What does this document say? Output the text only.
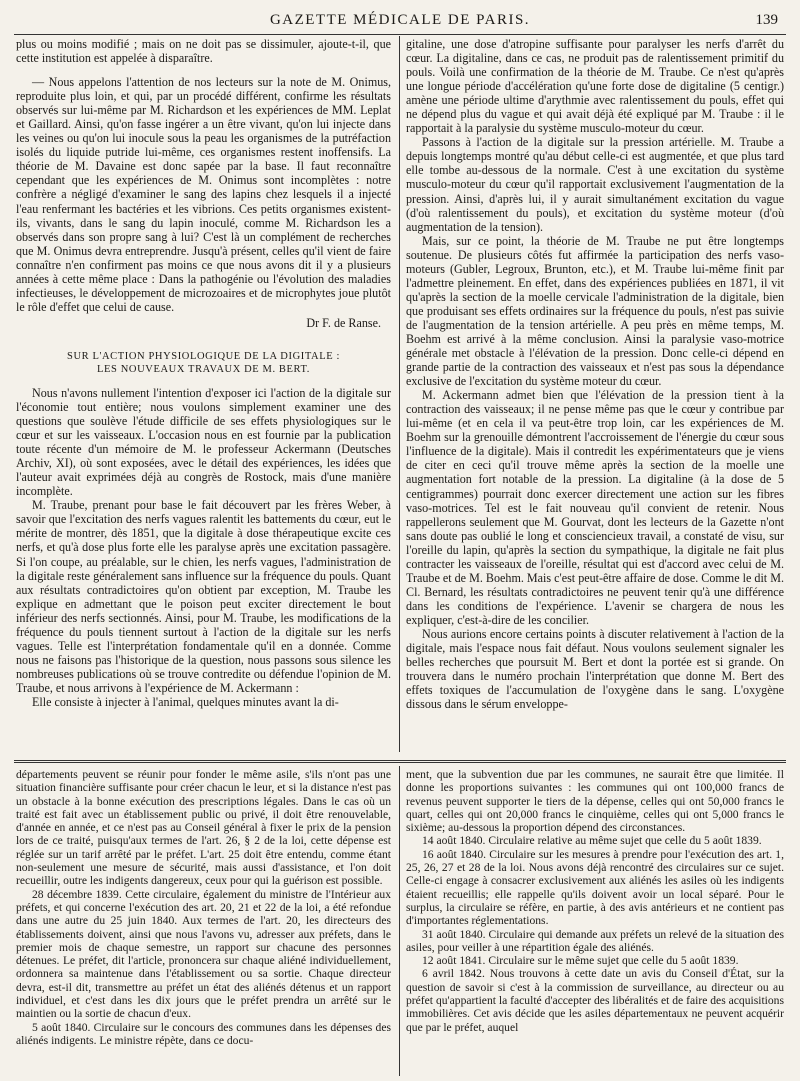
GAZETTE MÉDICALE DE PARIS.	139

plus ou moins modifié ; mais on ne doit pas se dissimuler, ajoute-t-il, que cette institution est appelée à disparaître.

— Nous appelons l'attention de nos lecteurs sur la note de M. Onimus, reproduite plus loin, et qui, par un procédé différent, confirme les résultats observés sur lui-même par M. Richardson et les expériences de MM. Leplat et Gaillard. Ainsi, qu'on fasse ingérer a un être vivant, qu'on lui injecte dans les veines ou qu'on lui inocule sous la peau les organismes de la putréfaction isolés du liquide putride lui-même, ces organismes restent inoffensifs. La théorie de M. Davaine est donc sapée par la base. Il faut reconnaître cependant que les expériences de M. Onimus sont incomplètes : notre confrère a négligé d'examiner le sang des lapins chez lesquels il a injecté l'eau renfermant les bactéries et les vibrions. Ces petits organismes existent-ils, vivants, dans le sang du lapin inoculé, comme M. Richardson les a observés dans son propre sang à lui? C'est là un complément de recherches que M. Onimus devra entreprendre. Jusqu'à présent, celles qu'il vient de faire connaître n'en confirment pas moins ce que nous avons dit il y a plusieurs années à cette même place : Dans la pathogénie ou l'évolution des maladies infectieuses, le développement de microzoaires et de microphytes joue plutôt le rôle d'effet que celui de cause.

Dr F. de Ranse.
SUR L'ACTION PHYSIOLOGIQUE DE LA DIGITALE :
LES NOUVEAUX TRAVAUX DE M. BERT.

Nous n'avons nullement l'intention d'exposer ici l'action de la digitale sur l'économie tout entière; nous voulons simplement examiner une des questions que soulève l'étude difficile de ses effets physiologiques sur le cœur et sur les vaisseaux. L'occasion nous en est fournie par la publication toute récente d'un mémoire de M. le professeur Ackermann (Deutsches Archiv, XI), où sont exposées, avec le détail des expériences, les idées que l'auteur avait exprimées déjà au congrès de Rostock, mais d'une manière incomplète.

M. Traube, prenant pour base le fait découvert par les frères Weber, à savoir que l'excitation des nerfs vagues ralentit les battements du cœur, eut le mérite de montrer, dès 1851, que la digitale à dose thérapeutique excite ces nerfs, et qu'à dose plus forte elle les paralyse après une excitation passagère. Si l'on coupe, au préalable, sur le chien, les nerfs vagues, l'administration de la digitale reste généralement sans influence sur la fréquence du pouls. Quant aux résultats contradictoires qu'on obtient par exception, M. Traube les explique en admettant que le poison peut exciter directement le bout inférieur des nerfs sectionnés. Ainsi, pour M. Traube, les modifications de la fréquence du pouls tiennent surtout à l'action de la digitale sur les nerfs vagues. Telle est l'interprétation fondamentale qu'il en a donnée. Comme nous ne faisons pas l'historique de la question, nous passons sous silence les nombreuses publications où se trouve contredite ou défendue l'opinion de M. Traube, et nous arrivons à l'expérience de M. Ackermann :

Elle consiste à injecter à l'animal, quelques minutes avant la di-

gitaline, une dose d'atropine suffisante pour paralyser les nerfs d'arrêt du cœur. La digitaline, dans ce cas, ne produit pas de ralentissement primitif du pouls. Voilà une confirmation de la théorie de M. Traube. Ce n'est qu'après une longue période d'accélération qu'une forte dose de digitaline (5 centigr.) amène une période ultime d'arythmie avec ralentissement du pouls, effet qui ne dépend plus du vague et qui avait déjà été expliqué par M. Traube : il le rapportait à la paralysie du système musculo-moteur du cœur.

Passons à l'action de la digitale sur la pression artérielle. M. Traube a depuis longtemps montré qu'au début celle-ci est augmentée, et que plus tard elle tombe au-dessous de la normale. C'est à une excitation du système musculo-moteur du cœur qu'il rapportait exclusivement l'augmentation de la pression. Ainsi, d'après lui, il y aurait simultanément excitation du vague (d'où ralentissement du pouls), et excitation du système moteur (d'où augmentation de la tension).

Mais, sur ce point, la théorie de M. Traube ne put être longtemps soutenue. De plusieurs côtés fut affirmée la participation des nerfs vaso-moteurs (Gubler, Legroux, Brunton, etc.), et M. Traube lui-même finit par l'admettre pleinement. En effet, dans des expériences publiées en 1871, il vit qu'après la section de la moelle cervicale l'administration de la digitale, bien que produisant ses effets ordinaires sur la fréquence du pouls, n'est pas suivie de l'augmentation de la tension artérielle. A peu près en même temps, M. Boehm est arrivé à la même conclusion. Ainsi la paralysie vaso-motrice générale met obstacle à l'élévation de la pression. Donc celle-ci dépend en grande partie de la contraction des vaisseaux et n'est pas sous la dépendance exclusive de l'excitation du système moteur du cœur.

M. Ackermann admet bien que l'élévation de la pression tient à la contraction des vaisseaux; il ne pense même pas que le cœur y contribue par lui-même (et en cela il va peut-être trop loin, car les expériences de M. Boehm sur la grenouille démontrent l'accroissement de l'énergie du cœur sous l'influence de la digitale). Mais il contredit les expérimentateurs que je viens de citer en ceci qu'il trouve même après la section de la moelle une augmentation fort notable de la pression. La digitaline (à la dose de 5 centigrammes) pourrait donc exercer directement une action sur les fibres vaso-motrices. Tel est le fait nouveau qu'il convient de retenir. Nous rappellerons seulement que M. Gourvat, dont les lecteurs de la Gazette n'ont sans doute pas oublié le long et consciencieux travail, a constaté de visu, sur l'oreille du lapin, qu'après la section du sympathique, la digitale ne fait plus contracter les vaisseaux de l'oreille, résultat qui est d'accord avec celui de M. Traube et de M. Boehm. Mais c'est peut-être affaire de dose. Comme le dit M. Cl. Bernard, les résultats contradictoires ne peuvent tenir qu'à une différence dans les conditions de l'expérience. L'avenir se chargera de nous les expliquer, c'est-à-dire de les concilier.

Nous aurions encore certains points à discuter relativement à l'action de la digitale, mais l'espace nous fait défaut. Nous voulons seulement signaler les belles recherches que poursuit M. Bert et dont la portée est si grande. On trouvera dans le numéro prochain l'interprétation que donne M. Bert des effets toxiques de l'accumulation de l'oxygène dans le sang. L'oxygène dissous dans le sérum enveloppe-

départements peuvent se réunir pour fonder le même asile, s'ils n'ont pas une situation financière suffisante pour créer chacun le leur, et si la distance n'est pas un obstacle à la bonne exécution des prescriptions légales. Dans le cas où un traité est fait avec un établissement public ou privé, il doit être renouvelable, d'année en année, et ce n'est pas au Conseil général à fixer le prix de la pension lors de ce traité, puisqu'aux termes de l'art. 26, § 2 de la loi, cette dépense est réglée sur un tarif arrêté par le préfet. L'art. 25 doit être entendu, comme étant non-seulement une mesure de sécurité, mais aussi d'assistance, et l'on doit recueillir, outre les indigents dangereux, ceux pour qui la guérison est possible.

28 décembre 1839. Cette circulaire, également du ministre de l'Intérieur aux préfets, et qui concerne l'exécution des art. 20, 21 et 22 de la loi, a été refondue dans une autre du 25 juin 1840. Aux termes de l'art. 20, les directeurs des établissements doivent, ainsi que nous l'avons vu, adresser aux préfets, dans le premier mois de chaque semestre, un rapport sur chacune des personnes détenues. Le préfet, dit l'article, prononcera sur chaque aliéné individuellement, ordonnera sa maintenue dans l'établissement ou sa sortie. Chaque directeur devra, est-il dit, transmettre au préfet un état des aliénés détenus et un rapport individuel, et c'est dans les dix jours que le préfet prendra un arrêté sur le maintien ou la sortie de chacun d'eux.

5 août 1840. Circulaire sur le concours des communes dans les dépenses des aliénés indigents. Le ministre répète, dans ce docu-

ment, que la subvention due par les communes, ne saurait être que limitée. Il donne les proportions suivantes : les communes qui ont 100,000 francs de revenus peuvent supporter le tiers de la dépense, celles qui ont 50,000 francs le quart, celles qui ont 20,000 francs le cinquième, celles qui ont 5,000 francs le sixième; au-dessous la proportion dépend des circonstances.

14 août 1840. Circulaire relative au même sujet que celle du 5 août 1839.

16 août 1840. Circulaire sur les mesures à prendre pour l'exécution des art. 1, 25, 26, 27 et 28 de la loi. Nous avons déjà rencontré des circulaires sur ce sujet. Celle-ci engage à consacrer exclusivement aux aliénés les asiles où les indigents étaient recueillis; elle rappelle qu'ils doivent avoir un local séparé. Pour le surplus, la circulaire se réfère, en partie, à des avis antérieurs et ne contient pas d'importantes réglementations.

31 août 1840. Circulaire qui demande aux préfets un relevé de la situation des asiles, pour veiller à une répartition égale des aliénés.

12 août 1841. Circulaire sur le même sujet que celle du 5 août 1839.

6 avril 1842. Nous trouvons à cette date un avis du Conseil d'État, sur la question de savoir si c'est à la commission de surveillance, au directeur ou au préfet qu'appartient la faculté d'accepter des libéralités et de faire des acquisitions immobilières. Cet avis décide que les asiles départementaux ne peuvent acquérir que par le préfet, auquel
